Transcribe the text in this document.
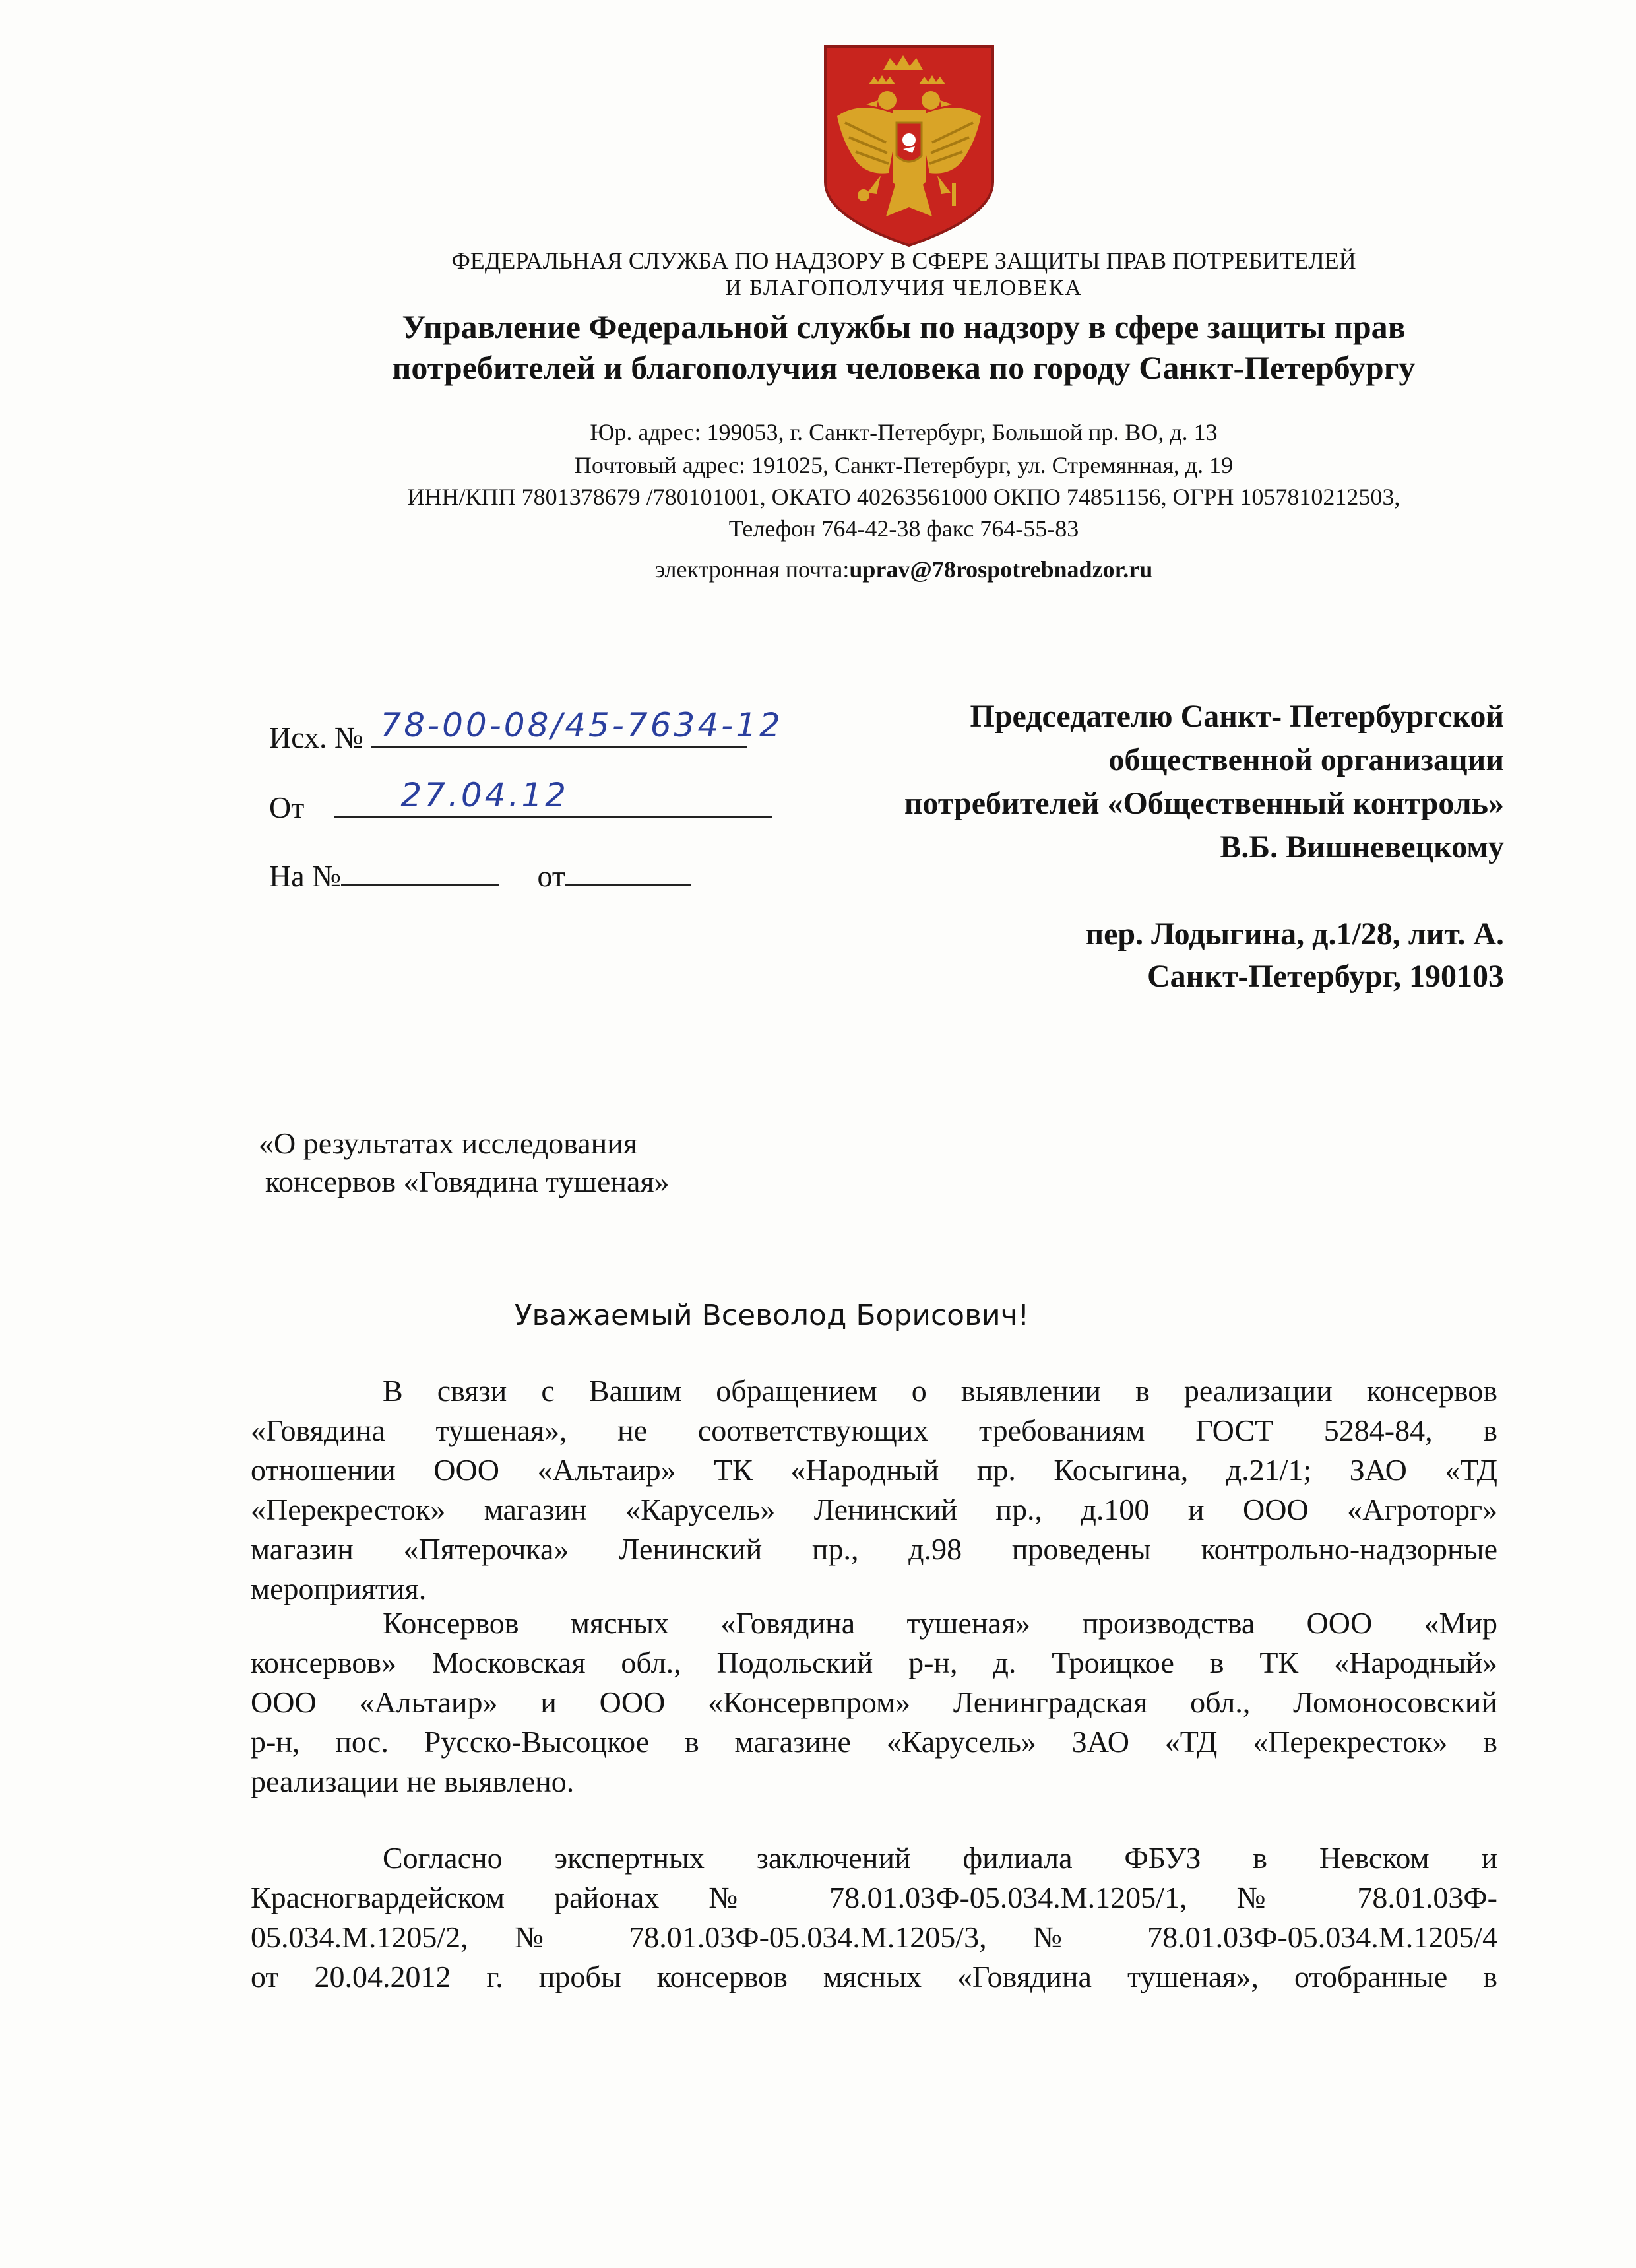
ФЕДЕРАЛЬНАЯ СЛУЖБА ПО НАДЗОРУ В СФЕРЕ ЗАЩИТЫ ПРАВ ПОТРЕБИТЕЛЕЙ
И БЛАГОПОЛУЧИЯ ЧЕЛОВЕКА
Управление Федеральной службы по надзору в сфере защиты прав
потребителей и благополучия человека по городу Санкт-Петербургу
Юр. адрес: 199053, г. Санкт-Петербург, Большой пр. ВО, д. 13
Почтовый адрес: 191025, Санкт-Петербург, ул. Стремянная, д. 19
ИНН/КПП 7801378679 /780101001, ОКАТО 40263561000 ОКПО 74851156, ОГРН 1057810212503,
Телефон 764-42-38 факс 764-55-83
электронная почта:uprav@78rospotrebnadzor.ru
Исх. № 78-00-08/45-7634-12
От	27.04.12
На №	от
Председателю Санкт- Петербургской
общественной организации
потребителей «Общественный контроль»
В.Б. Вишневецкому
пер. Лодыгина, д.1/28, лит. А.
Санкт-Петербург, 190103
«О результатах исследования
консервов «Говядина тушеная»
Уважаемый Всеволод Борисович!
В связи с Вашим обращением о выявлении в реализации консервов
«Говядина тушеная», не соответствующих требованиям ГОСТ 5284-84, в
отношении ООО «Альтаир» ТК «Народный пр. Косыгина, д.21/1; ЗАО «ТД
«Перекресток» магазин «Карусель» Ленинский пр., д.100 и ООО «Агроторг»
магазин «Пятерочка» Ленинский пр., д.98 проведены контрольно-надзорные
мероприятия.
Консервов мясных «Говядина тушеная» производства ООО «Мир
консервов» Московская обл., Подольский р-н, д. Троицкое в ТК «Народный»
ООО «Альтаир» и ООО «Консервпром» Ленинградская обл., Ломоносовский
р-н, пос. Русско-Высоцкое в магазине «Карусель» ЗАО «ТД «Перекресток» в
реализации не выявлено.
Согласно экспертных заключений филиала ФБУЗ в Невском и
Красногвардейском районах № 78.01.03Ф-05.034.М.1205/1, № 78.01.03Ф-
05.034.М.1205/2, № 78.01.03Ф-05.034.М.1205/3, № 78.01.03Ф-05.034.М.1205/4
от 20.04.2012 г. пробы консервов мясных «Говядина тушеная», отобранные в
